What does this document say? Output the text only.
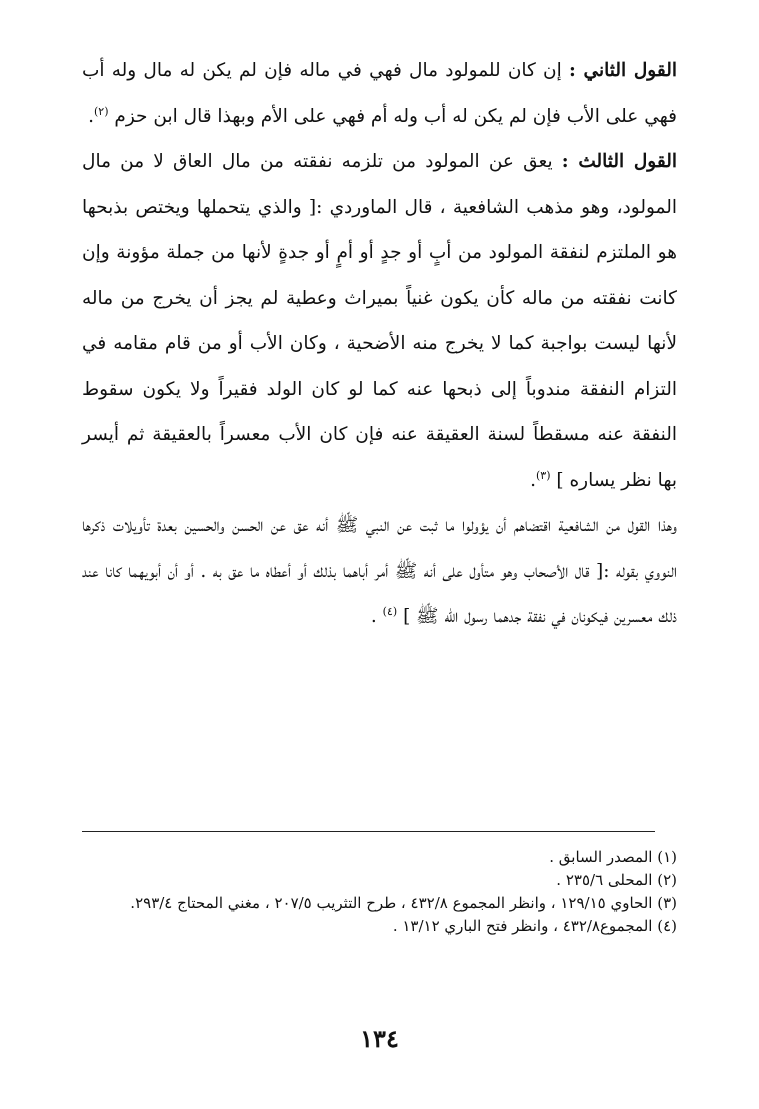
القول الثاني : إن كان للمولود مال فهي في ماله فإن لم يكن له مال وله أب فهي على الأب فإن لم يكن له أب وله أم فهي على الأم وبهذا قال ابن حزم $^{(٢)}$.

القول الثالث : يعق عن المولود من تلزمه نفقته من مال العاق لا من مال المولود، وهو مذهب الشافعية ، قال الماوردي :[ والذي يتحملها ويختص بذبحها هو الملتزم لنفقة المولود من أبٍ أو جدٍ أو أمٍ أو جدةٍ لأنها من جملة مؤونة وإن كانت نفقته من ماله كأن يكون غنياً بميراث وعطية لم يجز أن يخرج من ماله لأنها ليست بواجبة كما لا يخرج منه الأضحية ، وكان الأب أو من قام مقامه في التزام النفقة مندوباً إلى ذبحها عنه كما لو كان الولد فقيراً ولا يكون سقوط النفقة عنه مسقطاً لسنة العقيقة عنه فإن كان الأب معسراً بالعقيقة ثم أيسر بها نظر يساره ] $^{(٣)}$.

وهذا القول من الشافعية اقتضاهم أن يؤولوا ما ثبت عن النبي ﷺ أنه عق عن الحسن والحسين بعدة تأويلات ذكرها النووي بقوله :[ قال الأصحاب وهو متأول على أنه ﷺ أمر أباهما بذلك أو أعطاه ما عق به . أو أن أبويهما كانا عند ذلك معسرين فيكونان في نفقة جدهما رسول الله ﷺ ] $^{(٤)}$ .

(١) المصدر السابق .

(٢) المحلى ٢٣٥/٦ .

(٣) الحاوي ١٢٩/١٥ ، وانظر المجموع ٤٣٢/٨ ، طرح التثريب ٢٠٧/٥ ، مغني المحتاج ٢٩٣/٤.

(٤) المجموع٤٣٢/٨ ، وانظر فتح الباري ١٣/١٢ .

١٣٤
